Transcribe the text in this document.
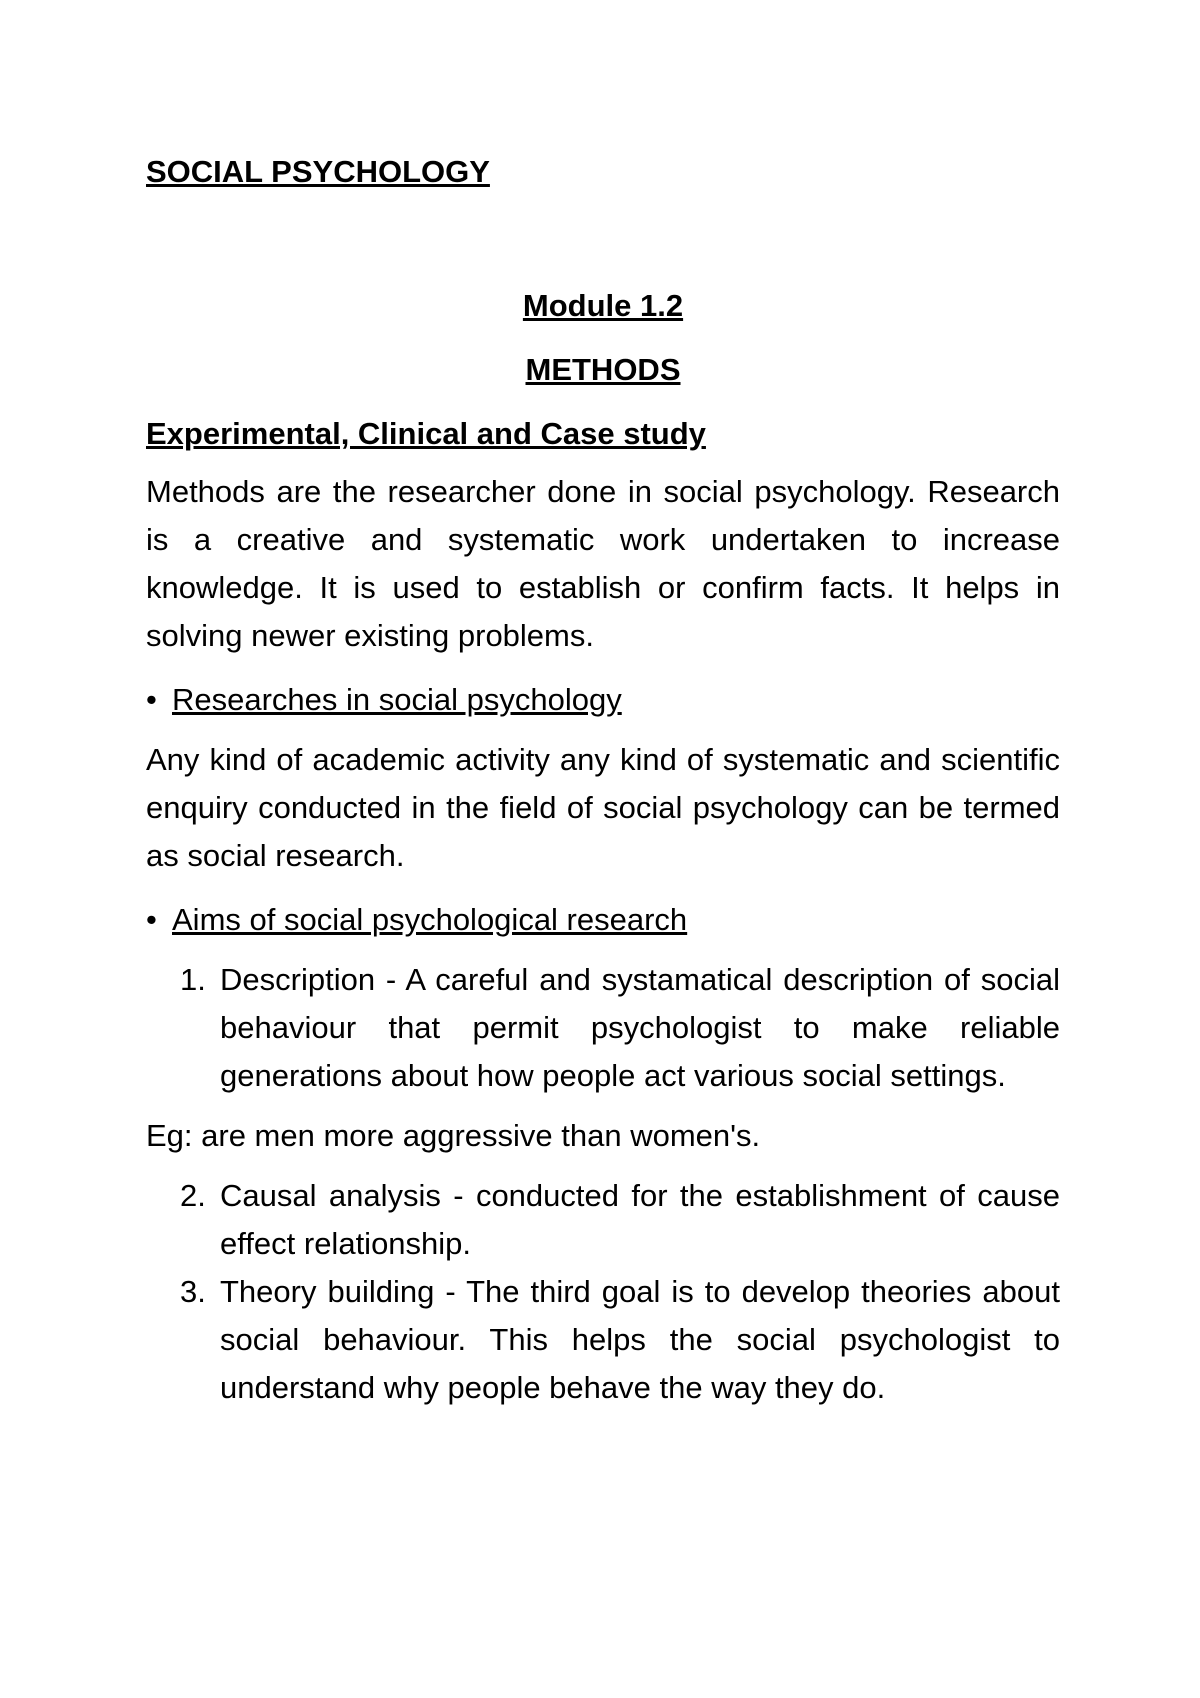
SOCIAL PSYCHOLOGY
Module 1.2
METHODS
Experimental, Clinical and Case study

Methods are the researcher done in social psychology. Research is a creative and systematic work undertaken to increase knowledge. It is used to establish or confirm facts. It helps in solving newer existing problems.

• Researches in social psychology

Any kind of academic activity any kind of systematic and scientific enquiry conducted in the field of social psychology can be termed as social research.

• Aims of social psychological research

1. Description - A careful and systamatical description of social behaviour that permit psychologist to make reliable generations about how people act various social settings.

Eg: are men more aggressive than women's.

2. Causal analysis - conducted for the establishment of cause effect relationship.
3. Theory building - The third goal is to develop theories about social behaviour. This helps the social psychologist to understand why people behave the way they do.
